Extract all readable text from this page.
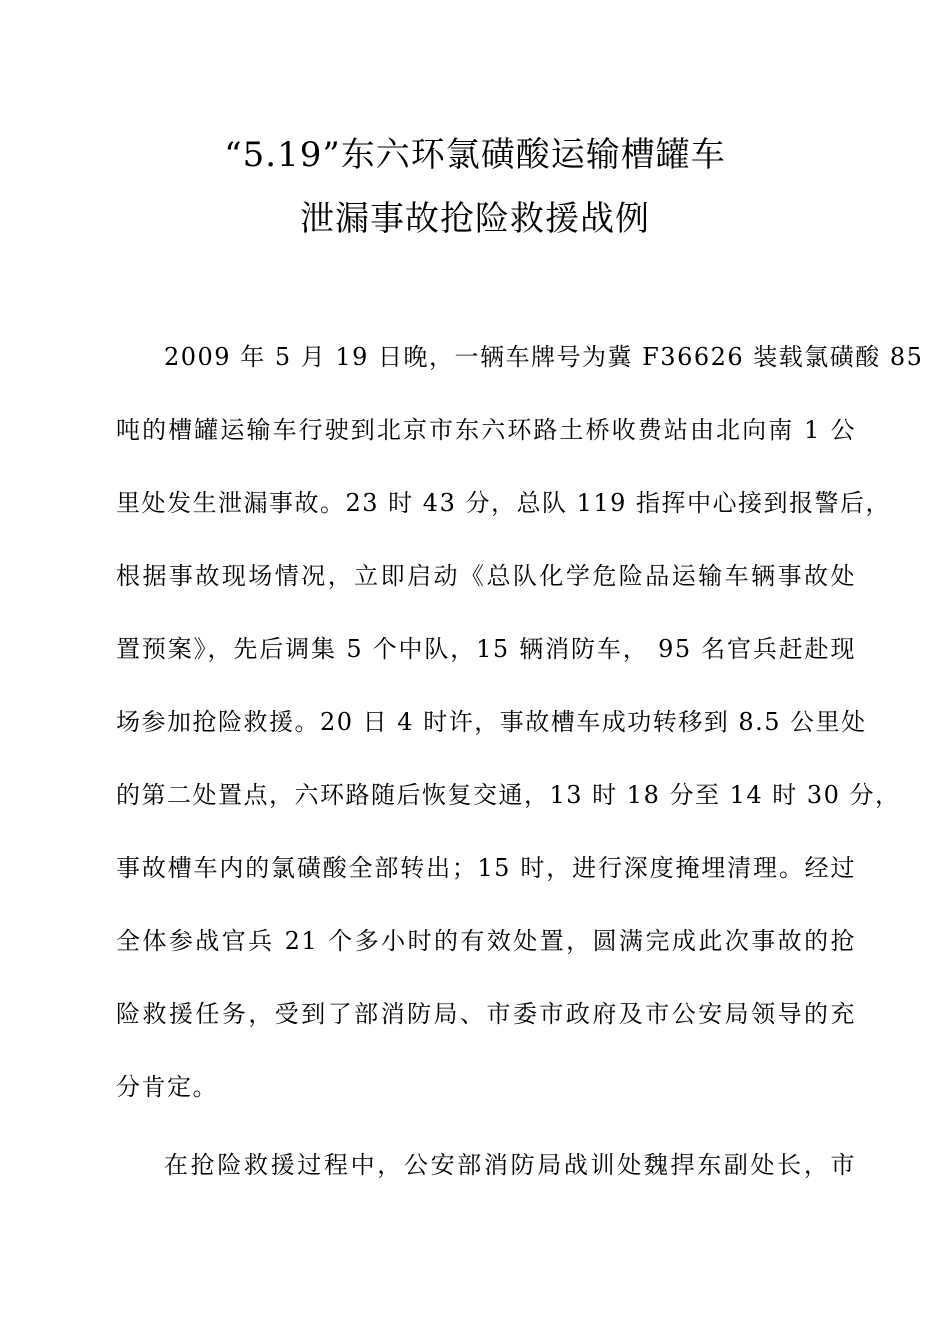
“5.19”东六环氯磺酸运输槽罐车
泄漏事故抢险救援战例
2009 年 5 月 19 日晚，一辆车牌号为冀 F36626 装载氯磺酸 85
吨的槽罐运输车行驶到北京市东六环路土桥收费站由北向南 1 公
里处发生泄漏事故。23 时 43 分，总队 119 指挥中心接到报警后，
根据事故现场情况，立即启动《总队化学危险品运输车辆事故处
置预案》，先后调集 5 个中队，15 辆消防车， 95 名官兵赶赴现
场参加抢险救援。20 日 4 时许，事故槽车成功转移到 8.5 公里处
的第二处置点，六环路随后恢复交通，13 时 18 分至 14 时 30 分，
事故槽车内的氯磺酸全部转出；15 时，进行深度掩埋清理。经过
全体参战官兵 21 个多小时的有效处置，圆满完成此次事故的抢
险救援任务，受到了部消防局、市委市政府及市公安局领导的充
分肯定。
在抢险救援过程中，公安部消防局战训处魏捍东副处长，市
